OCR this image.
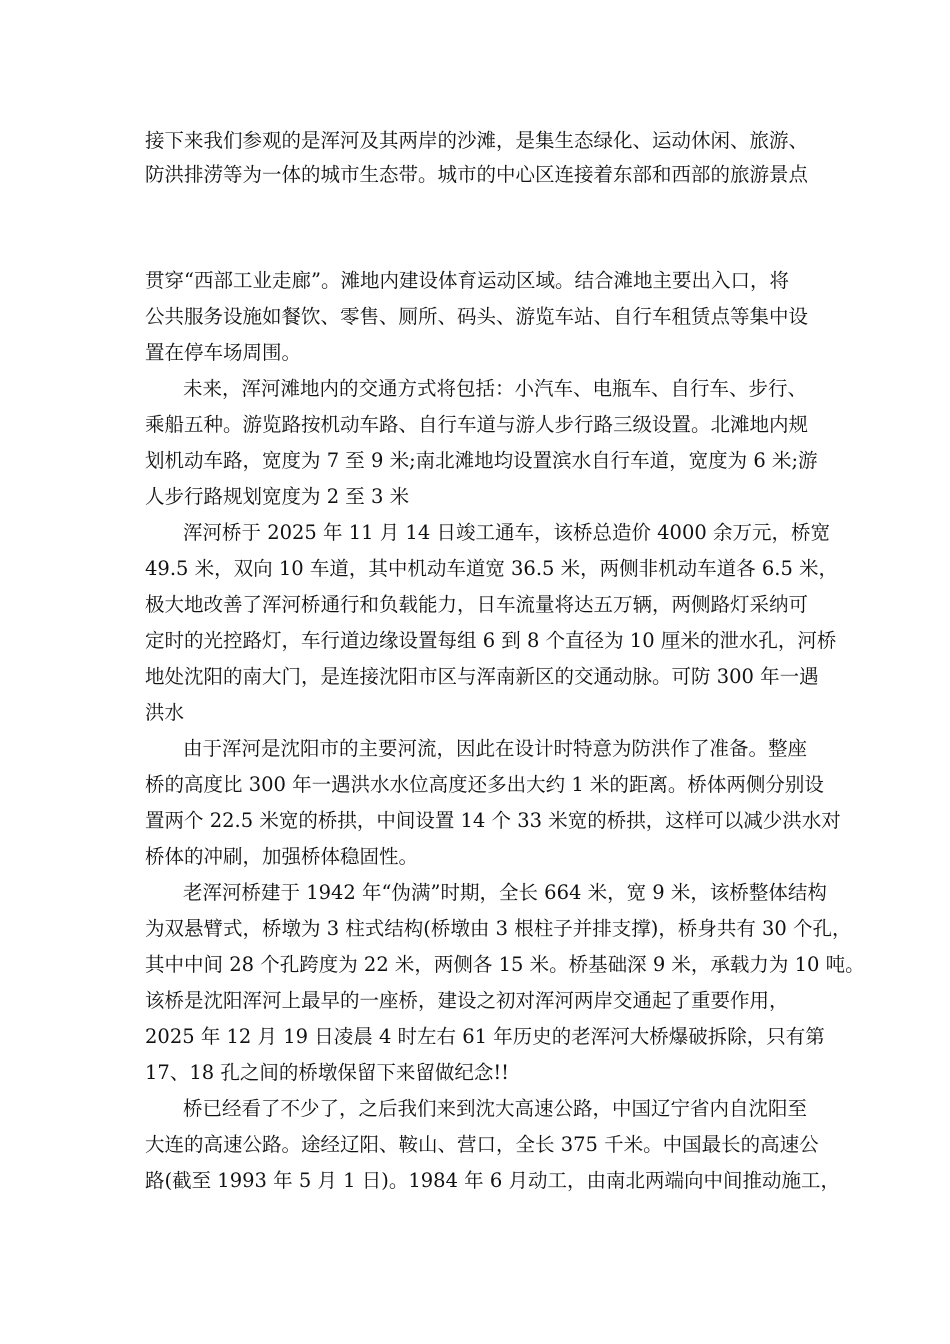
接下来我们参观的是浑河及其两岸的沙滩，是集生态绿化、运动休闲、旅游、
防洪排涝等为一体的城市生态带。城市的中心区连接着东部和西部的旅游景点
贯穿“西部工业走廊”。滩地内建设体育运动区域。结合滩地主要出入口，将
公共服务设施如餐饮、零售、厕所、码头、游览车站、自行车租赁点等集中设
置在停车场周围。
未来，浑河滩地内的交通方式将包括：小汽车、电瓶车、自行车、步行、
乘船五种。游览路按机动车路、自行车道与游人步行路三级设置。北滩地内规
划机动车路，宽度为 7 至 9 米;南北滩地均设置滨水自行车道，宽度为 6 米;游
人步行路规划宽度为 2 至 3 米
浑河桥于 2025 年 11 月 14 日竣工通车，该桥总造价 4000 余万元，桥宽
49.5 米，双向 10 车道，其中机动车道宽 36.5 米，两侧非机动车道各 6.5 米，
极大地改善了浑河桥通行和负载能力，日车流量将达五万辆，两侧路灯采纳可
定时的光控路灯，车行道边缘设置每组 6 到 8 个直径为 10 厘米的泄水孔，河桥
地处沈阳的南大门，是连接沈阳市区与浑南新区的交通动脉。可防 300 年一遇
洪水
由于浑河是沈阳市的主要河流，因此在设计时特意为防洪作了准备。整座
桥的高度比 300 年一遇洪水水位高度还多出大约 1 米的距离。桥体两侧分别设
置两个 22.5 米宽的桥拱，中间设置 14 个 33 米宽的桥拱，这样可以减少洪水对
桥体的冲刷，加强桥体稳固性。
老浑河桥建于 1942 年“伪满”时期，全长 664 米，宽 9 米，该桥整体结构
为双悬臂式，桥墩为 3 柱式结构(桥墩由 3 根柱子并排支撑)，桥身共有 30 个孔，
其中中间 28 个孔跨度为 22 米，两侧各 15 米。桥基础深 9 米，承载力为 10 吨。
该桥是沈阳浑河上最早的一座桥，建设之初对浑河两岸交通起了重要作用，
2025 年 12 月 19 日凌晨 4 时左右 61 年历史的老浑河大桥爆破拆除，只有第
17、18 孔之间的桥墩保留下来留做纪念!!
桥已经看了不少了，之后我们来到沈大高速公路，中国辽宁省内自沈阳至
大连的高速公路。途经辽阳、鞍山、营口，全长 375 千米。中国最长的高速公
路(截至 1993 年 5 月 1 日)。1984 年 6 月动工，由南北两端向中间推动施工，
